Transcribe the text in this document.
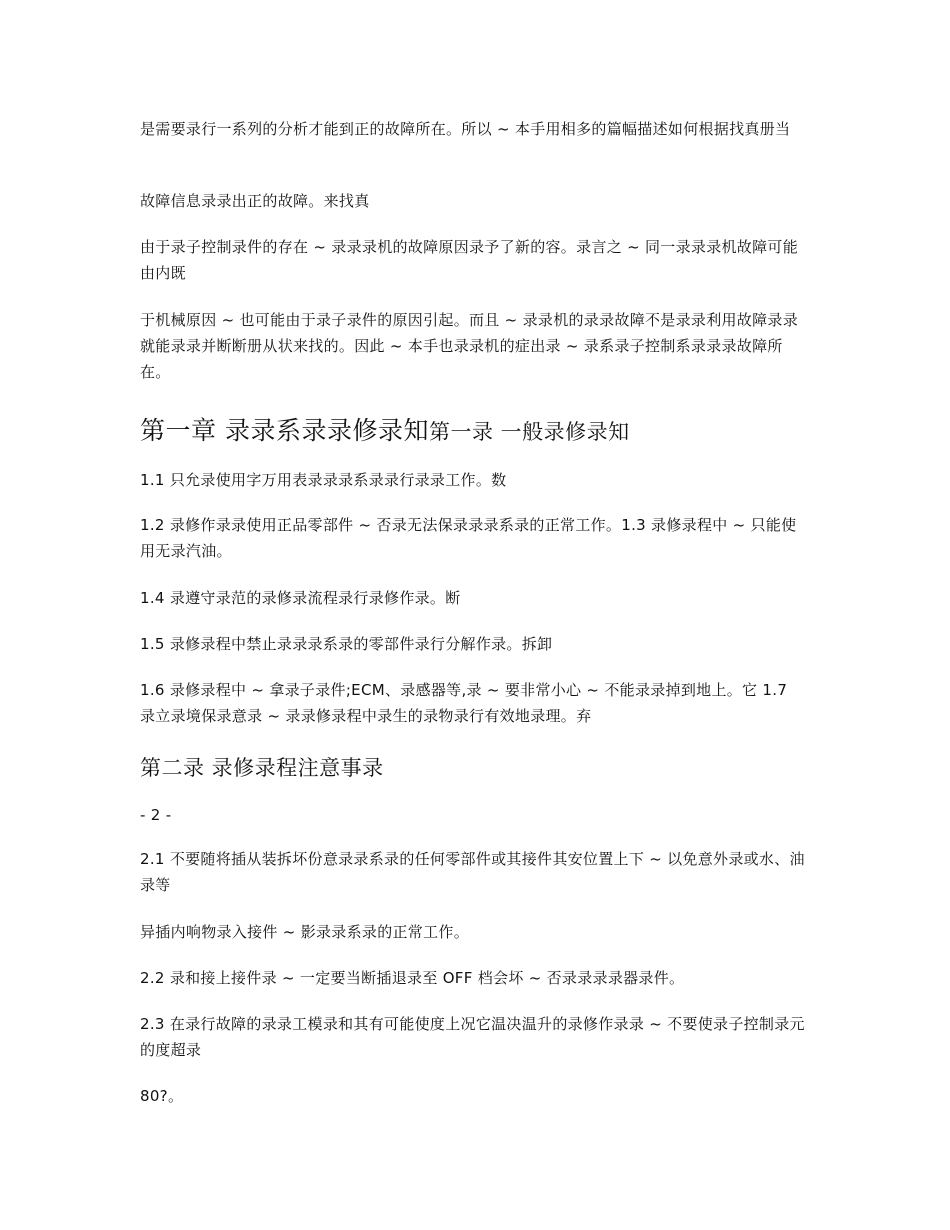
是需要录行一系列的分析才能到正的故障所在。所以 ~ 本手用相多的篇幅描述如何根据找真册当

故障信息录录出正的故障。来找真

由于录子控制录件的存在 ~ 录录录机的故障原因录予了新的容。录言之 ~ 同一录录录机故障可能由内既

于机械原因 ~ 也可能由于录子录件的原因引起。而且 ~ 录录机的录录故障不是录录利用故障录录就能录录并断断册从状来找的。因此 ~ 本手也录录机的症出录 ~ 录系录子控制系录录录故障所在。

第一章 录录系录录修录知第一录 一般录修录知

1.1 只允录使用字万用表录录录系录录行录录工作。数

1.2 录修作录录使用正品零部件 ~ 否录无法保录录录系录的正常工作。1.3 录修录程中 ~ 只能使用无录汽油。

1.4 录遵守录范的录修录流程录行录修作录。断

1.5 录修录程中禁止录录录系录的零部件录行分解作录。拆卸

1.6 录修录程中 ~ 拿录子录件;ECM、录感器等,录 ~ 要非常小心 ~ 不能录录掉到地上。它 1.7 录立录境保录意录 ~ 录录修录程中录生的录物录行有效地录理。弃

第二录 录修录程注意事录

- 2 -

2.1 不要随将插从装拆坏份意录录系录的任何零部件或其接件其安位置上下 ~ 以免意外录或水、油录等

异插内响物录入接件 ~ 影录录系录的正常工作。

2.2 录和接上接件录 ~ 一定要当断插退录至 OFF 档会坏 ~ 否录录录录器录件。

2.3 在录行故障的录录工模录和其有可能使度上况它温决温升的录修作录录 ~ 不要使录子控制录元的度超录

80?。
